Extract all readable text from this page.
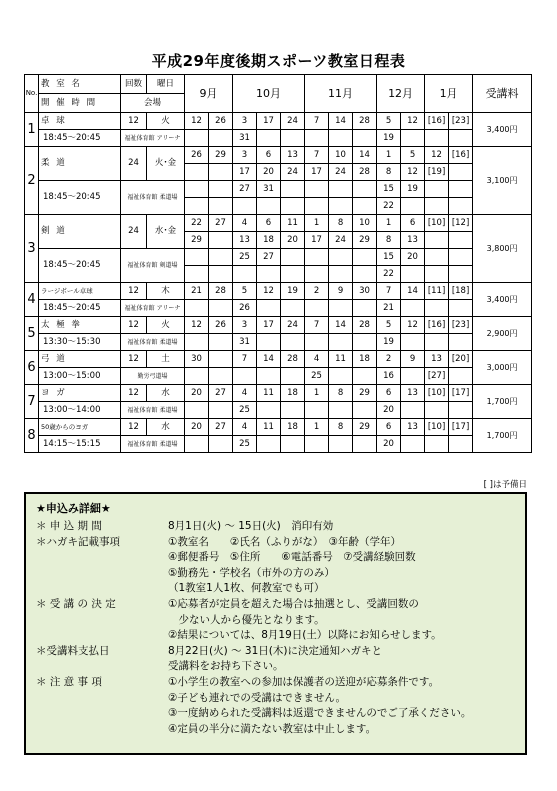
平成29年度後期スポーツ教室日程表
No.	教 室 名	回数	曜日	9月		10月			11月			12月		1月		受講料
	開 催 時 間	会場														
1	卓 球	12	火	12	26	3	17	24	7	14	28	5	12	[16]	[23]	3,400円
	18:45～20:45	福祉体育館 アリーナ				31						19				
2	柔 道	24	火･金	26	29	3	6	13	7	10	14	1	5	12	[16]	3,100円
						17	20	24	17	24	28	8	12	[19]		
	18:45～20:45	福祉体育館 柔道場				27	31					15	19			
												22				
3	剣 道	24	水･金	22	27	4	6	11	1	8	10	1	6	[10]	[12]	3,800円
				29		13	18	20	17	24	29	8	13			
	18:45～20:45	福祉体育館 剣道場				25	27					15	20			
												22				
4	ラージボール卓球	12	木	21	28	5	12	19	2	9	30	7	14	[11]	[18]	3,400円
	18:45～20:45	福祉体育館 アリーナ				26						21				
5	太 極 拳	12	火	12	26	3	17	24	7	14	28	5	12	[16]	[23]	2,900円
	13:30～15:30	福祉体育館 柔道場				31						19				
6	弓 道	12	土	30		7	14	28	4	11	18	2	9	13	[20]	3,000円
	13:00～15:00	勤労弓道場							25			16		[27]		
7	ヨ ガ	12	水	20	27	4	11	18	1	8	29	6	13	[10]	[17]	1,700円
	13:00～14:00	福祉体育館 柔道場				25						20				
8	50歳からのヨガ	12	水	20	27	4	11	18	1	8	29	6	13	[10]	[17]	1,700円
	14:15～15:15	福祉体育館 柔道場				25						20				
[ ]は予備日
★申込み詳細★
＊ 申 込 期 間	8月1日(火) ～ 15日(火)　消印有効
＊ハガキ記載事項	①教室名　　②氏名（ふりがな）　③年齢（学年）
④郵便番号　⑤住所　　⑥電話番号　⑦受講経験回数
⑤勤務先・学校名（市外の方のみ）
（1教室1人1枚、何教室でも可）
＊ 受 講 の 決 定	①応募者が定員を超えた場合は抽選とし、受講回数の
　少ない人から優先となります。
②結果については、8月19日(土）以降にお知らせします。
＊受講料支払日	8月22日(火) ～ 31日(木)に決定通知ハガキと
受講料をお持ち下さい。
＊ 注 意 事 項	①小学生の教室への参加は保護者の送迎が応募条件です。
②子ども連れでの受講はできません。
③一度納められた受講料は返還できませんのでご了承ください。
④定員の半分に満たない教室は中止します。
